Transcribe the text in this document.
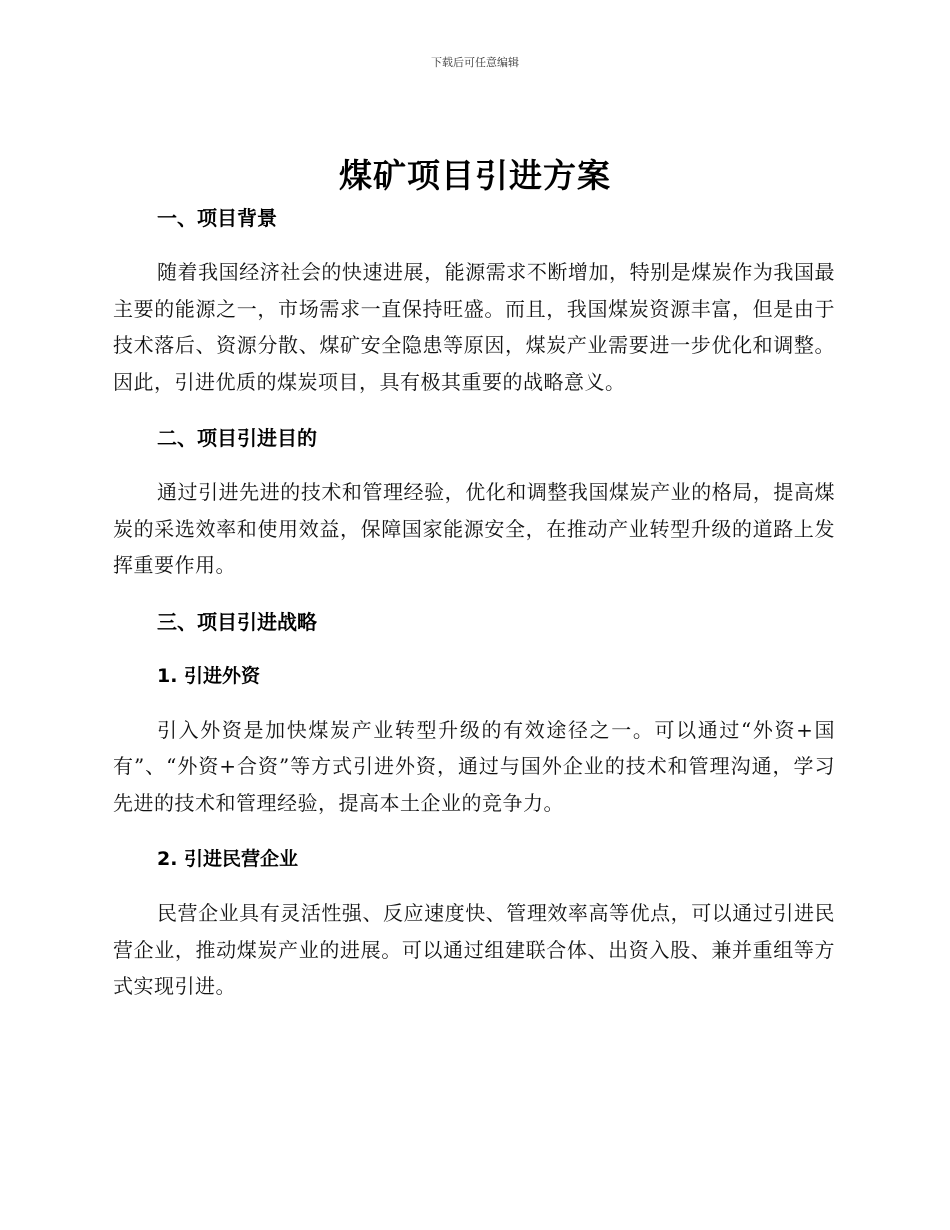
下载后可任意编辑
煤矿项目引进方案
一、项目背景

随着我国经济社会的快速进展，能源需求不断增加，特别是煤炭作为我国最主要的能源之一，市场需求一直保持旺盛。而且，我国煤炭资源丰富，但是由于技术落后、资源分散、煤矿安全隐患等原因，煤炭产业需要进一步优化和调整。因此，引进优质的煤炭项目，具有极其重要的战略意义。

二、项目引进目的

通过引进先进的技术和管理经验，优化和调整我国煤炭产业的格局，提高煤炭的采选效率和使用效益，保障国家能源安全，在推动产业转型升级的道路上发挥重要作用。

三、项目引进战略
1. 引进外资

引入外资是加快煤炭产业转型升级的有效途径之一。可以通过“外资+国有”、“外资+合资”等方式引进外资，通过与国外企业的技术和管理沟通，学习先进的技术和管理经验，提高本土企业的竞争力。

2. 引进民营企业

民营企业具有灵活性强、反应速度快、管理效率高等优点，可以通过引进民营企业，推动煤炭产业的进展。可以通过组建联合体、出资入股、兼并重组等方式实现引进。
